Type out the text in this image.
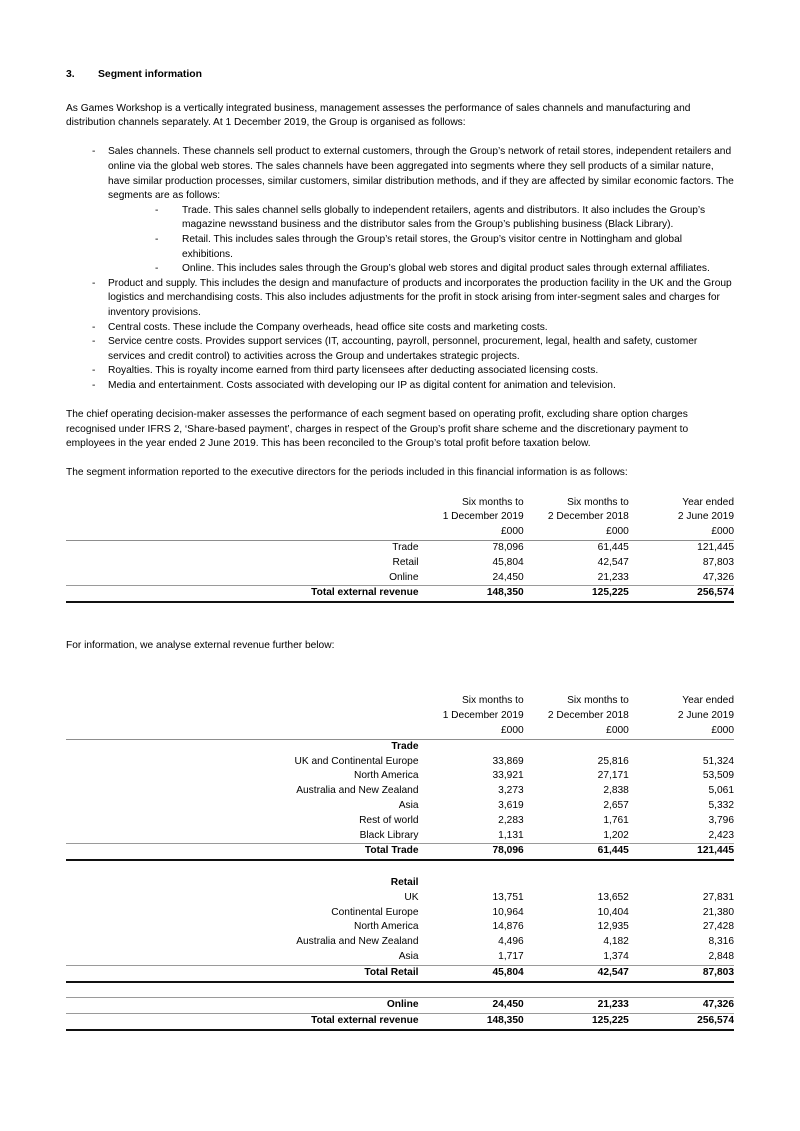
3.	Segment information

As Games Workshop is a vertically integrated business, management assesses the performance of sales channels and manufacturing and distribution channels separately. At 1 December 2019, the Group is organised as follows:

- Sales channels. These channels sell product to external customers, through the Group’s network of retail stores, independent retailers and online via the global web stores. The sales channels have been aggregated into segments where they sell products of a similar nature, have similar production processes, similar customers, similar distribution methods, and if they are affected by similar economic factors. The segments are as follows:
- Trade. This sales channel sells globally to independent retailers, agents and distributors. It also includes the Group’s magazine newsstand business and the distributor sales from the Group’s publishing business (Black Library).
- Retail. This includes sales through the Group’s retail stores, the Group’s visitor centre in Nottingham and global exhibitions.
- Online. This includes sales through the Group’s global web stores and digital product sales through external affiliates.
- Product and supply. This includes the design and manufacture of products and incorporates the production facility in the UK and the Group logistics and merchandising costs. This also includes adjustments for the profit in stock arising from inter-segment sales and charges for inventory provisions.
- Central costs. These include the Company overheads, head office site costs and marketing costs.
- Service centre costs. Provides support services (IT, accounting, payroll, personnel, procurement, legal, health and safety, customer services and credit control) to activities across the Group and undertakes strategic projects.
- Royalties. This is royalty income earned from third party licensees after deducting associated licensing costs.
- Media and entertainment. Costs associated with developing our IP as digital content for animation and television.

The chief operating decision-maker assesses the performance of each segment based on operating profit, excluding share option charges recognised under IFRS 2, ‘Share-based payment’, charges in respect of the Group’s profit share scheme and the discretionary payment to employees in the year ended 2 June 2019. This has been reconciled to the Group’s total profit before taxation below.

The segment information reported to the executive directors for the periods included in this financial information is as follows:

	Six months to	Six months to	Year ended
	1 December 2019	2 December 2018	2 June 2019
	£000	£000	£000
Trade	78,096	61,445	121,445
Retail	45,804	42,547	87,803
Online	24,450	21,233	47,326
Total external revenue	148,350	125,225	256,574

For information, we analyse external revenue further below:

	Six months to	Six months to	Year ended
	1 December 2019	2 December 2018	2 June 2019
	£000	£000	£000
Trade			
UK and Continental Europe	33,869	25,816	51,324
North America	33,921	27,171	53,509
Australia and New Zealand	3,273	2,838	5,061
Asia	3,619	2,657	5,332
Rest of world	2,283	1,761	3,796
Black Library	1,131	1,202	2,423
Total Trade	78,096	61,445	121,445

Retail			
UK	13,751	13,652	27,831
Continental Europe	10,964	10,404	21,380
North America	14,876	12,935	27,428
Australia and New Zealand	4,496	4,182	8,316
Asia	1,717	1,374	2,848
Total Retail	45,804	42,547	87,803

Online	24,450	21,233	47,326
Total external revenue	148,350	125,225	256,574
